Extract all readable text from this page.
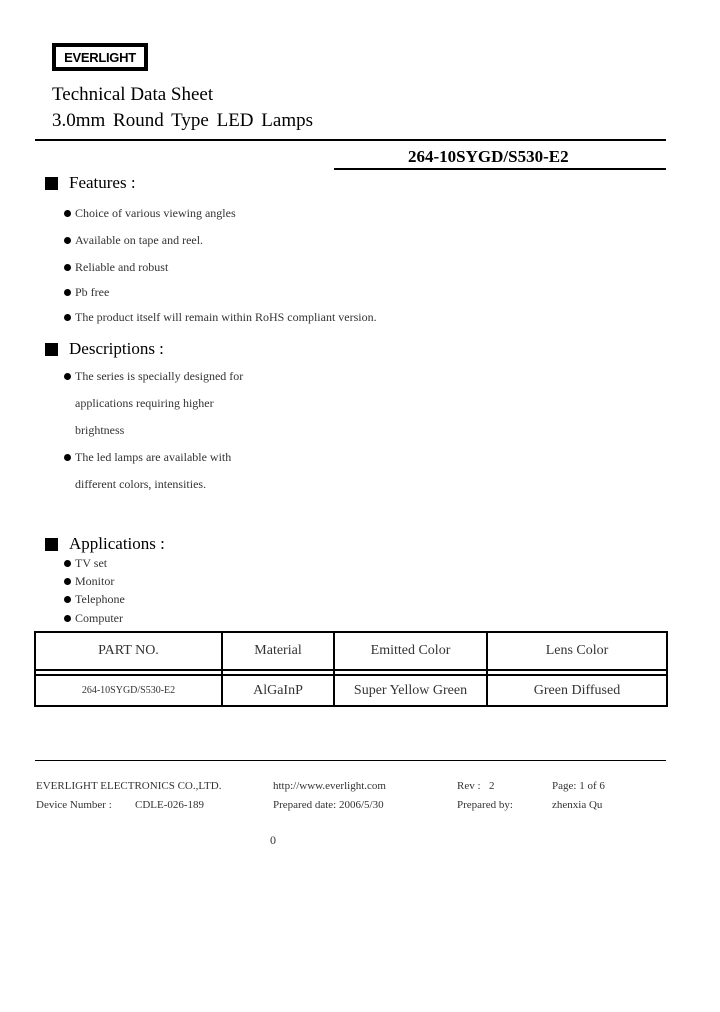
EVERLIGHT
Technical Data Sheet
3.0mm Round Type LED Lamps
264-10SYGD/S530-E2
Features :
Choice of various viewing angles
Available on tape and reel.
Reliable and robust
Pb free
The product itself will remain within RoHS compliant version.
Descriptions :
The series is specially designed for
applications requiring higher
brightness
The led lamps are available with
different colors, intensities.
Applications :
TV set
Monitor
Telephone
Computer
PART NO.	Material	Emitted Color	Lens Color

264-10SYGD/S530-E2	AlGaInP	Super Yellow Green	Green Diffused
EVERLIGHT ELECTRONICS CO.,LTD.	http://www.everlight.com	Rev : 2	Page: 1 of 6
Device Number : CDLE-026-189	Prepared date: 2006/5/30	Prepared by:	zhenxia Qu
0
